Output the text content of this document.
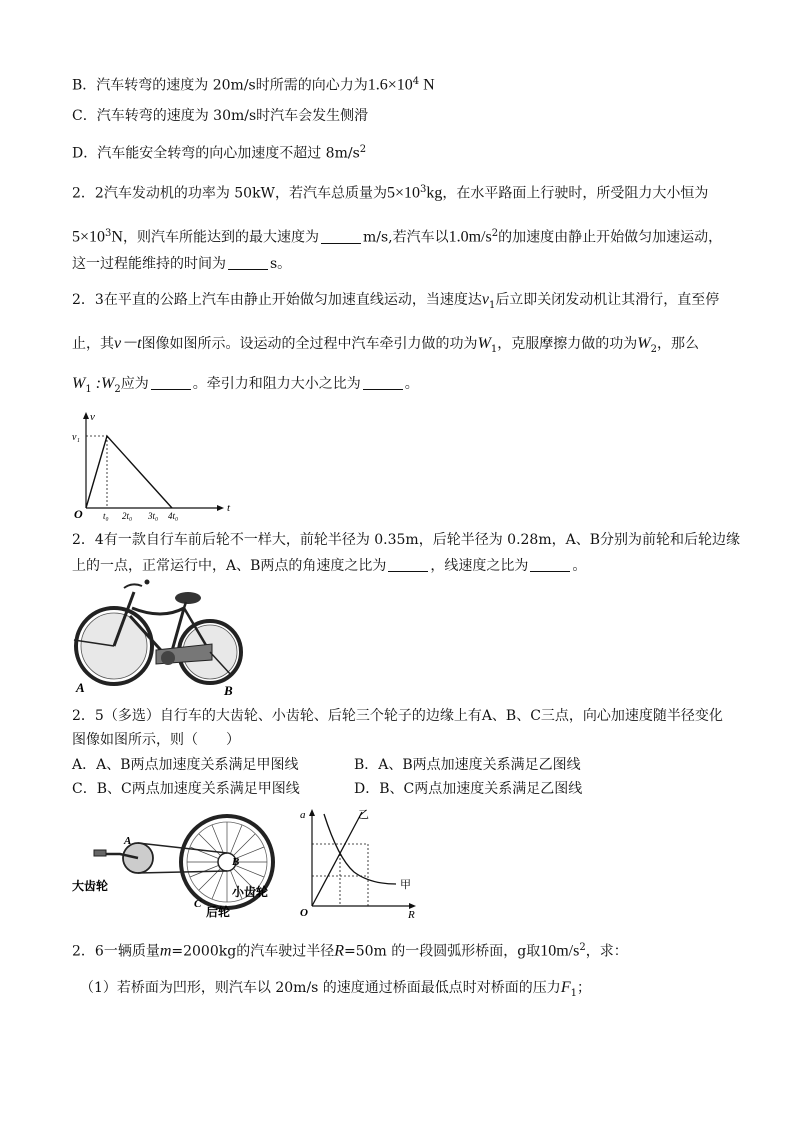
B．汽车转弯的速度为 20m/s时所需的向心力为$1.6\times 10^4$ N
C．汽车转弯的速度为 30m/s时汽车会发生侧滑
D．汽车能安全转弯的向心加速度不超过 $8m/s^2$
2．2汽车发动机的功率为 50kW，若汽车总质量为$5\times 10^3kg$，在水平路面上行驶时，所受阻力大小恒为
$5\times 10^3N$，则汽车所能达到的最大速度为	m/s,若汽车以$1.0m/s^2$的加速度由静止开始做匀加速运动，
这一过程能维持的时间为	s。
2．3在平直的公路上汽车由静止开始做匀加速直线运动，当速度达$v_1$后立即关闭发动机让其滑行，直至停
止，其v－t图像如图所示。设运动的全过程中汽车牵引力做的功为$W_1$，克服摩擦力做的功为$W_2$，那么
$W_1$ $:W_2$应为	。牵引力和阻力大小之比为	。
v
t
O
v₁
t₀ 2t₀ 3t₀ 4t₀
2．4有一款自行车前后轮不一样大，前轮半径为 0.35m，后轮半径为 0.28m，A、B分别为前轮和后轮边缘
上的一点，正常运行中，A、B两点的角速度之比为	，线速度之比为	。
A	B
2．5（多选）自行车的大齿轮、小齿轮、后轮三个轮子的边缘上有A、B、C三点，向心加速度随半径变化
图像如图所示，则（　　）
A．A、B两点加速度关系满足甲图线	B．A、B两点加速度关系满足乙图线
C．B、C两点加速度关系满足甲图线	D．B、C两点加速度关系满足乙图线
A
B
C
大齿轮	小齿轮
后轮
a
R
O
乙
甲
2．6一辆质量m=2000kg的汽车驶过半径R=50m 的一段圆弧形桥面，g取$10m/s^2$，求：
（1）若桥面为凹形，则汽车以 20m/s 的速度通过桥面最低点时对桥面的压力$F_1$；
